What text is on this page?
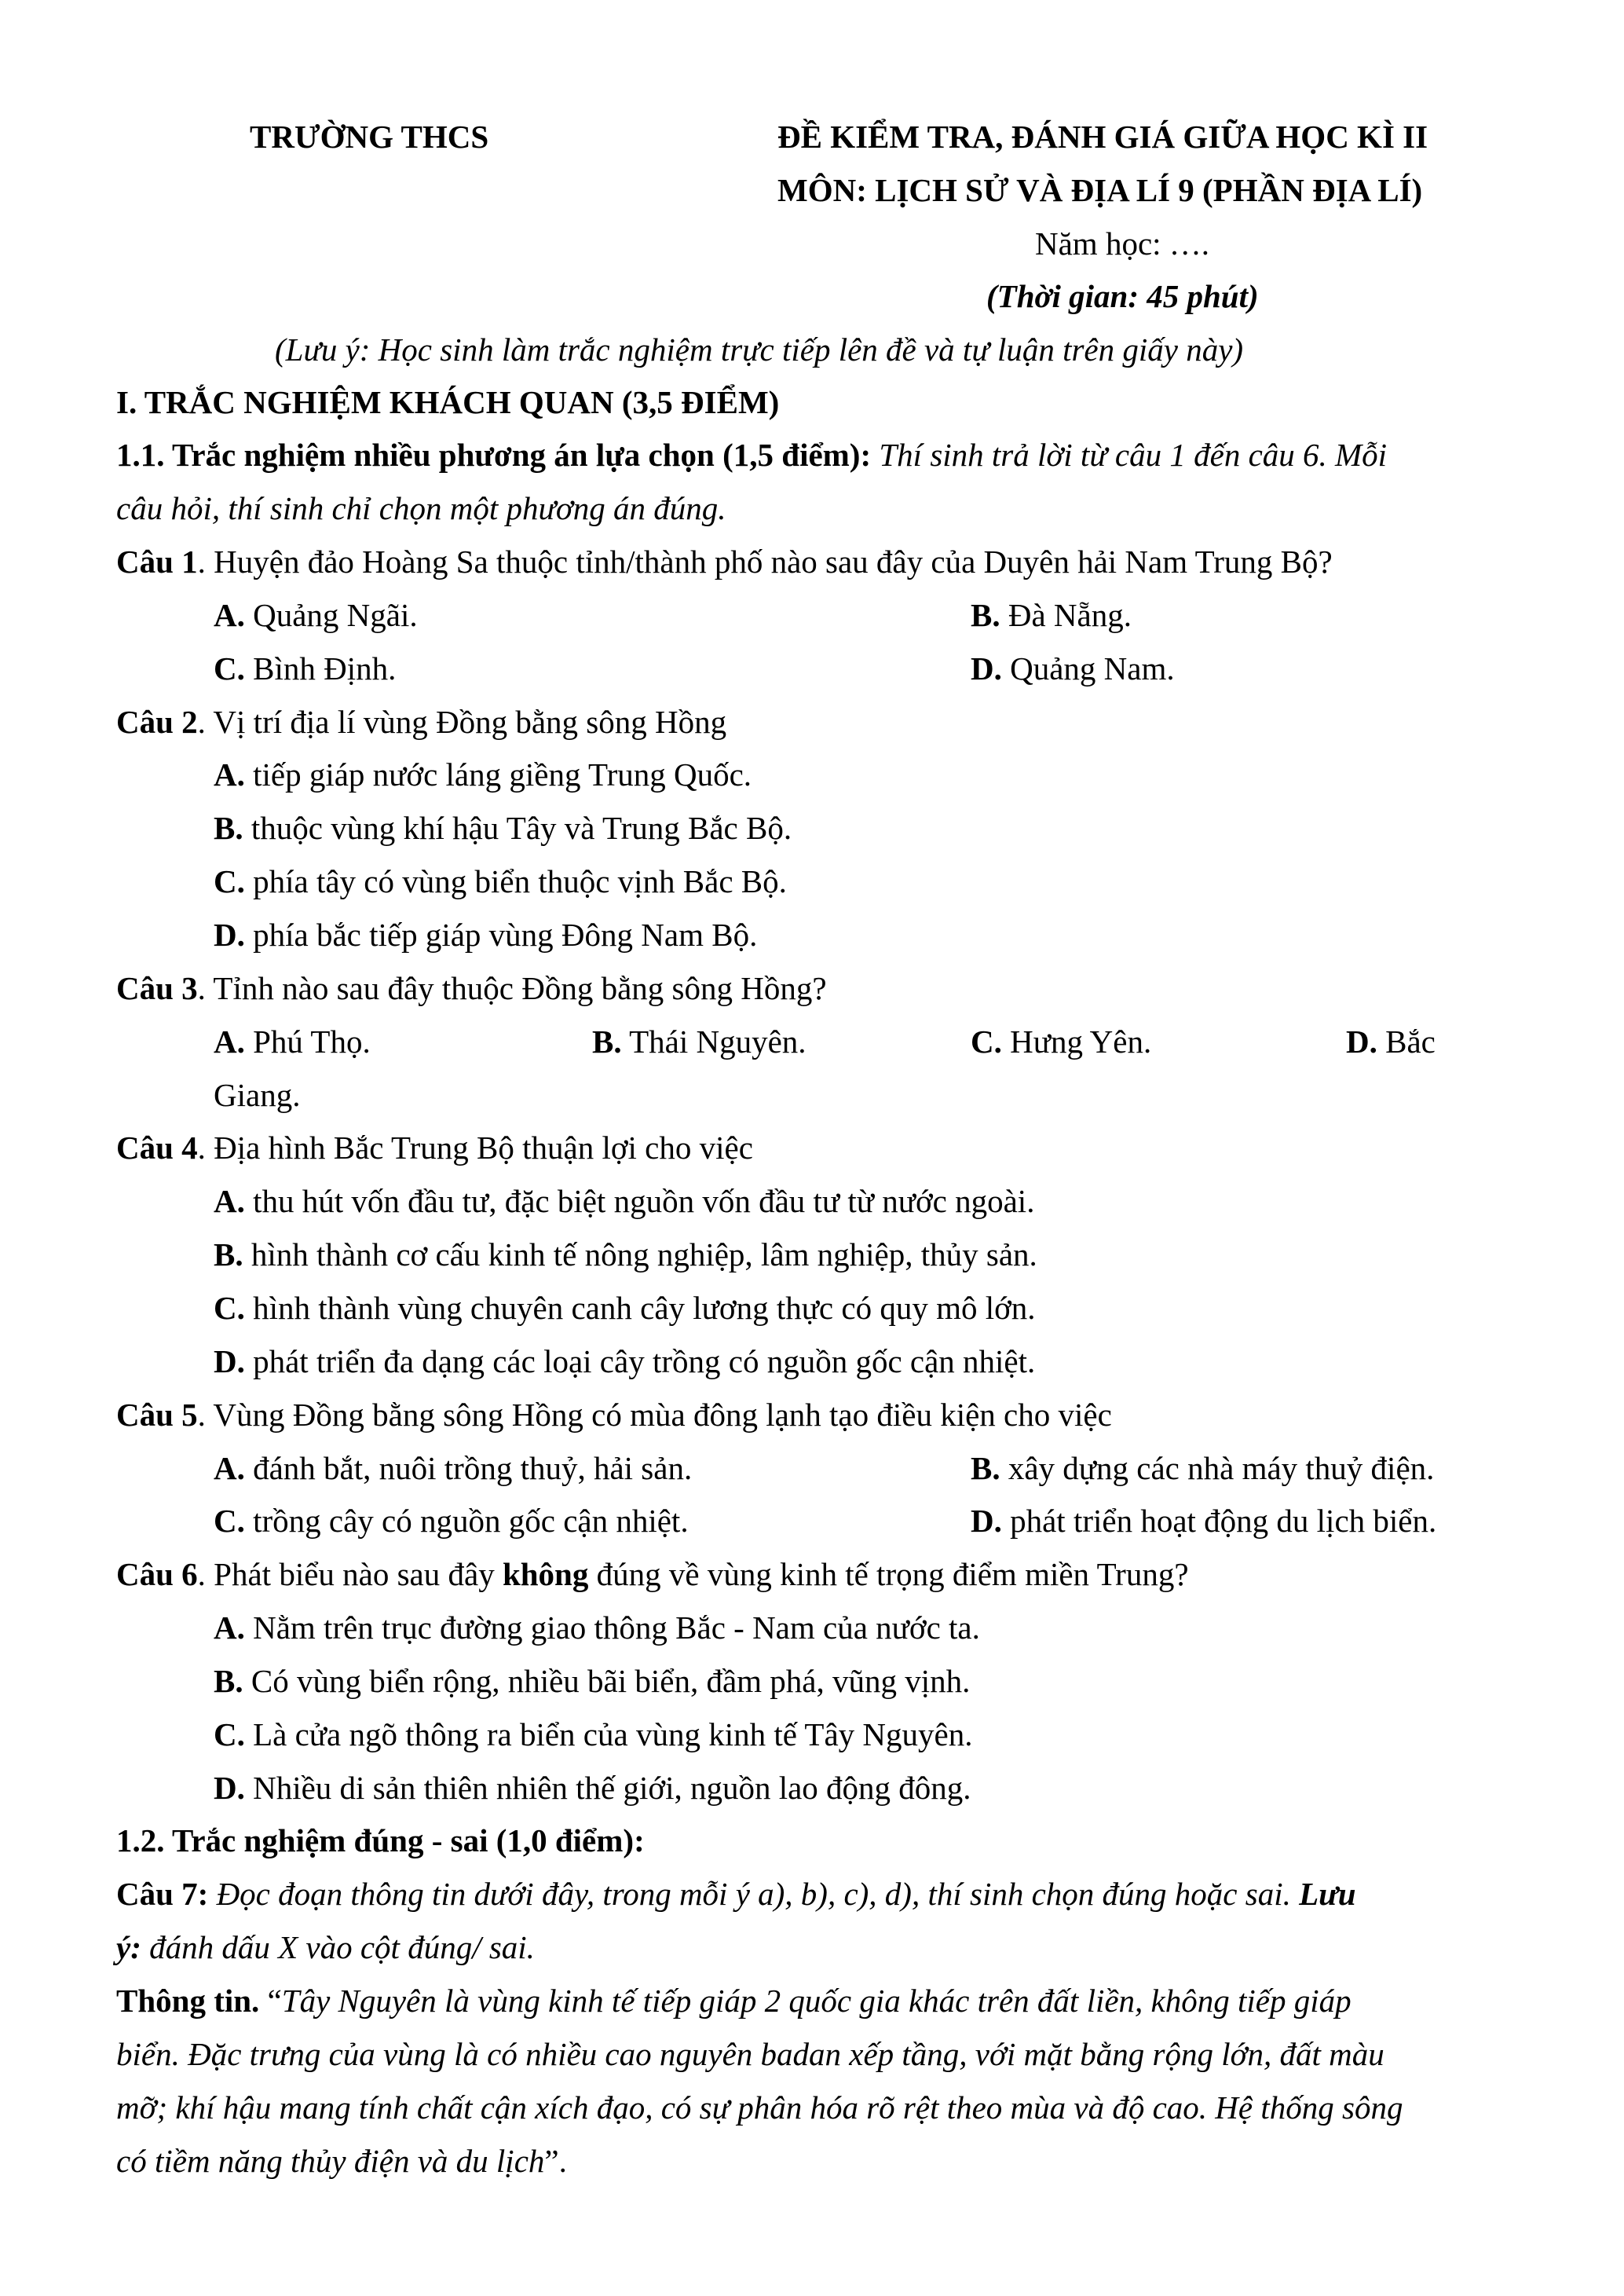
TRƯỜNG THCS	ĐỀ KIỂM TRA, ĐÁNH GIÁ GIỮA HỌC KÌ II
MÔN: LỊCH SỬ VÀ ĐỊA LÍ 9 (PHẦN ĐỊA LÍ)
Năm học: ….
(Thời gian: 45 phút)
(Lưu ý: Học sinh làm trắc nghiệm trực tiếp lên đề và tự luận trên giấy này)
I. TRẮC NGHIỆM KHÁCH QUAN (3,5 ĐIỂM)
1.1. Trắc nghiệm nhiều phương án lựa chọn (1,5 điểm): Thí sinh trả lời từ câu 1 đến câu 6. Mỗi
câu hỏi, thí sinh chỉ chọn một phương án đúng.
Câu 1. Huyện đảo Hoàng Sa thuộc tỉnh/thành phố nào sau đây của Duyên hải Nam Trung Bộ?
A. Quảng Ngãi.	B. Đà Nẵng.
C. Bình Định.	D. Quảng Nam.
Câu 2. Vị trí địa lí vùng Đồng bằng sông Hồng
A. tiếp giáp nước láng giềng Trung Quốc.
B. thuộc vùng khí hậu Tây và Trung Bắc Bộ.
C. phía tây có vùng biển thuộc vịnh Bắc Bộ.
D. phía bắc tiếp giáp vùng Đông Nam Bộ.
Câu 3. Tỉnh nào sau đây thuộc Đồng bằng sông Hồng?
A. Phú Thọ.	B. Thái Nguyên.	C. Hưng Yên.	D. Bắc
Giang.
Câu 4. Địa hình Bắc Trung Bộ thuận lợi cho việc
A. thu hút vốn đầu tư, đặc biệt nguồn vốn đầu tư từ nước ngoài.
B. hình thành cơ cấu kinh tế nông nghiệp, lâm nghiệp, thủy sản.
C. hình thành vùng chuyên canh cây lương thực có quy mô lớn.
D. phát triển đa dạng các loại cây trồng có nguồn gốc cận nhiệt.
Câu 5. Vùng Đồng bằng sông Hồng có mùa đông lạnh tạo điều kiện cho việc
A. đánh bắt, nuôi trồng thuỷ, hải sản.	B. xây dựng các nhà máy thuỷ điện.
C. trồng cây có nguồn gốc cận nhiệt.	D. phát triển hoạt động du lịch biển.
Câu 6. Phát biểu nào sau đây không đúng về vùng kinh tế trọng điểm miền Trung?
A. Nằm trên trục đường giao thông Bắc - Nam của nước ta.
B. Có vùng biển rộng, nhiều bãi biển, đầm phá, vũng vịnh.
C. Là cửa ngõ thông ra biển của vùng kinh tế Tây Nguyên.
D. Nhiều di sản thiên nhiên thế giới, nguồn lao động đông.
1.2. Trắc nghiệm đúng - sai (1,0 điểm):
Câu 7: Đọc đoạn thông tin dưới đây, trong mỗi ý a), b), c), d), thí sinh chọn đúng hoặc sai. Lưu
ý: đánh dấu X vào cột đúng/ sai.
Thông tin. “Tây Nguyên là vùng kinh tế tiếp giáp 2 quốc gia khác trên đất liền, không tiếp giáp
biển. Đặc trưng của vùng là có nhiều cao nguyên badan xếp tầng, với mặt bằng rộng lớn, đất màu
mỡ; khí hậu mang tính chất cận xích đạo, có sự phân hóa rõ rệt theo mùa và độ cao. Hệ thống sông
có tiềm năng thủy điện và du lịch”.
